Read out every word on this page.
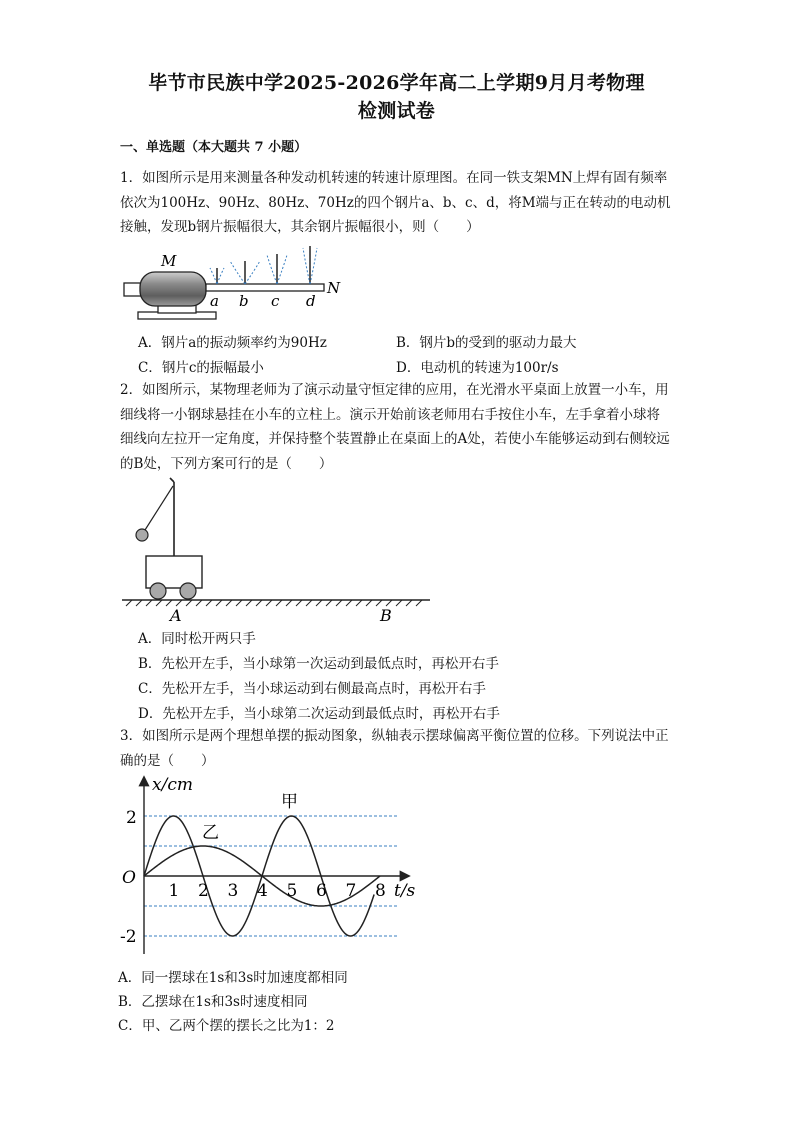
毕节市民族中学2025-2026学年高二上学期9月月考物理
检测试卷
一、单选题（本大题共 7 小题）
1．如图所示是用来测量各种发动机转速的转速计原理图。在同一铁支架MN上焊有固有频率依次为100Hz、90Hz、80Hz、70Hz的四个钢片a、b、c、d，将M端与正在转动的电动机接触，发现b钢片振幅很大，其余钢片振幅很小，则（　　）
M
N
a b c d
A．钢片a的振动频率约为90Hz	B．钢片b的受到的驱动力最大
C．钢片c的振幅最小	D．电动机的转速为100r/s
2．如图所示，某物理老师为了演示动量守恒定律的应用，在光滑水平桌面上放置一小车，用细线将一小钢球悬挂在小车的立柱上。演示开始前该老师用右手按住小车，左手拿着小球将细线向左拉开一定角度，并保持整个装置静止在桌面上的A处，若使小车能够运动到右侧较远的B处，下列方案可行的是（　　）
A	B
A．同时松开两只手
B．先松开左手，当小球第一次运动到最低点时，再松开右手
C．先松开左手，当小球运动到右侧最高点时，再松开右手
D．先松开左手，当小球第二次运动到最低点时，再松开右手
3．如图所示是两个理想单摆的振动图象，纵轴表示摆球偏离平衡位置的位移。下列说法中正确的是（　　）
1 2 3 4 5 6 7 8
x/cm
t/s
O
2
-2
甲
乙
A．同一摆球在1s和3s时加速度都相同
B．乙摆球在1s和3s时速度相同
C．甲、乙两个摆的摆长之比为1：2
